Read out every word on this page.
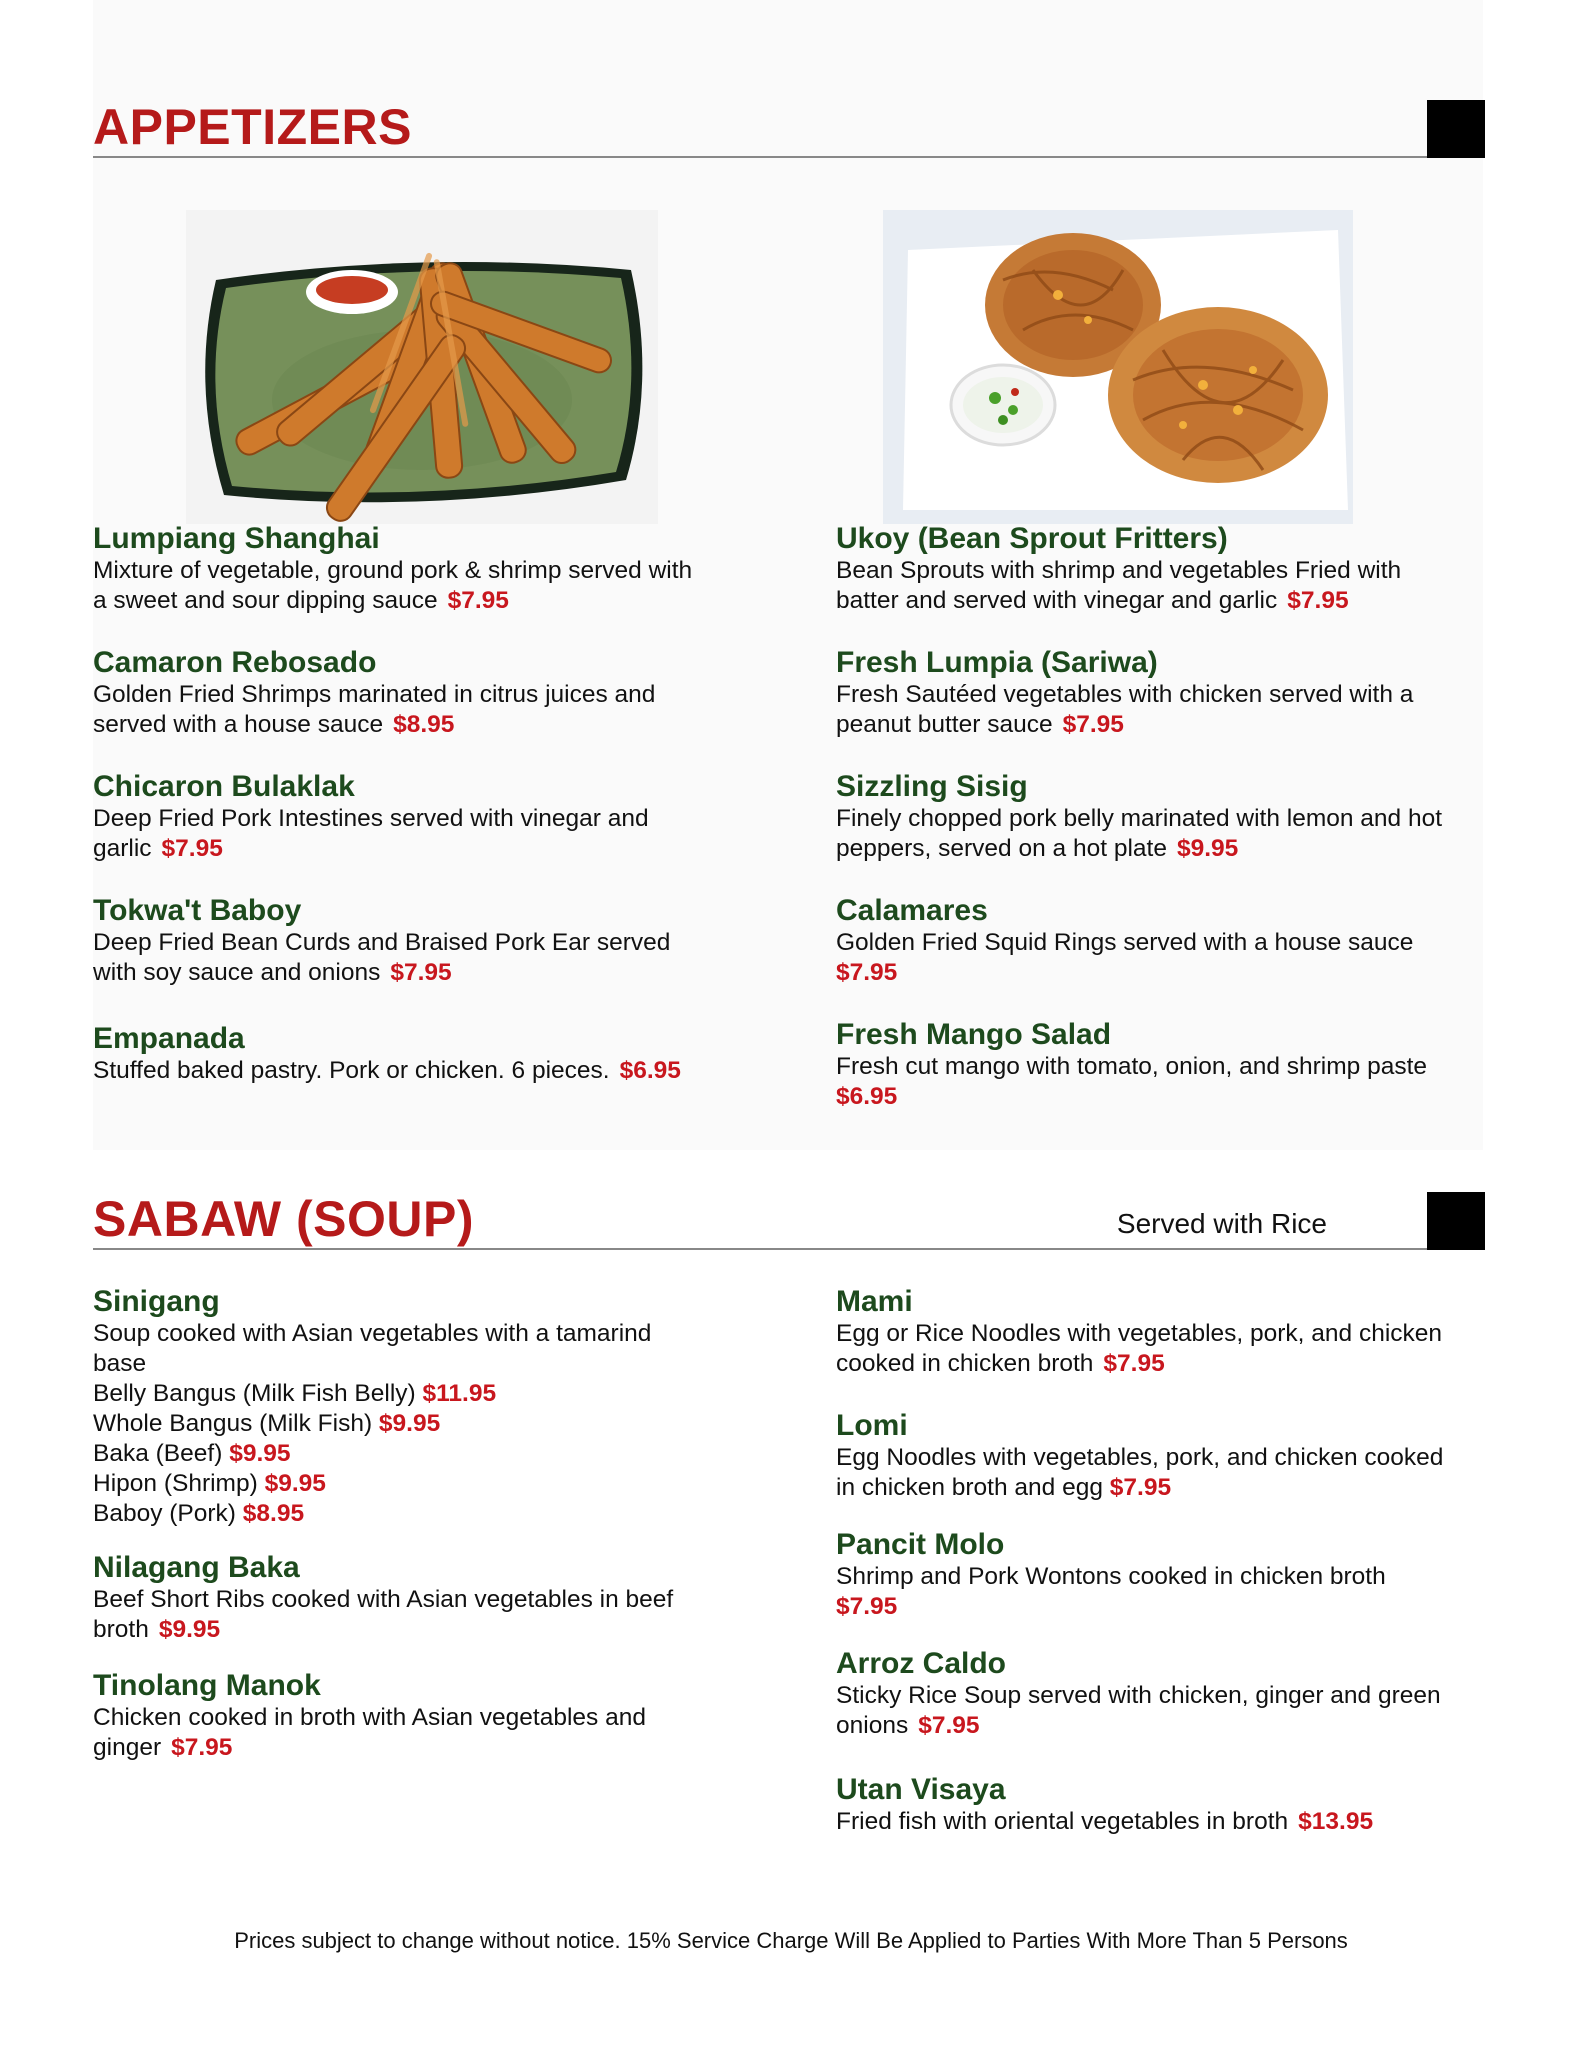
APPETIZERS
Lumpiang Shanghai
Mixture of vegetable, ground pork & shrimp served with
a sweet and sour dipping sauce $7.95
Camaron Rebosado
Golden Fried Shrimps marinated in citrus juices and
served with a house sauce $8.95
Chicaron Bulaklak
Deep Fried Pork Intestines served with vinegar and
garlic $7.95
Tokwa't Baboy
Deep Fried Bean Curds and Braised Pork Ear served
with soy sauce and onions $7.95
Empanada
Stuffed baked pastry. Pork or chicken. 6 pieces. $6.95
Ukoy (Bean Sprout Fritters)
Bean Sprouts with shrimp and vegetables Fried with
batter and served with vinegar and garlic $7.95
Fresh Lumpia (Sariwa)
Fresh Sautéed vegetables with chicken served with a
peanut butter sauce $7.95
Sizzling Sisig
Finely chopped pork belly marinated with lemon and hot
peppers, served on a hot plate $9.95
Calamares
Golden Fried Squid Rings served with a house sauce
$7.95
Fresh Mango Salad
Fresh cut mango with tomato, onion, and shrimp paste
$6.95
SABAW (SOUP)	Served with Rice
Sinigang
Soup cooked with Asian vegetables with a tamarind
base
Belly Bangus (Milk Fish Belly) $11.95
Whole Bangus (Milk Fish) $9.95
Baka (Beef) $9.95
Hipon (Shrimp) $9.95
Baboy (Pork) $8.95
Nilagang Baka
Beef Short Ribs cooked with Asian vegetables in beef
broth $9.95
Tinolang Manok
Chicken cooked in broth with Asian vegetables and
ginger $7.95
Mami
Egg or Rice Noodles with vegetables, pork, and chicken
cooked in chicken broth $7.95
Lomi
Egg Noodles with vegetables, pork, and chicken cooked
in chicken broth and egg $7.95
Pancit Molo
Shrimp and Pork Wontons cooked in chicken broth
$7.95
Arroz Caldo
Sticky Rice Soup served with chicken, ginger and green
onions $7.95
Utan Visaya
Fried fish with oriental vegetables in broth $13.95
Prices subject to change without notice. 15% Service Charge Will Be Applied to Parties With More Than 5 Persons
